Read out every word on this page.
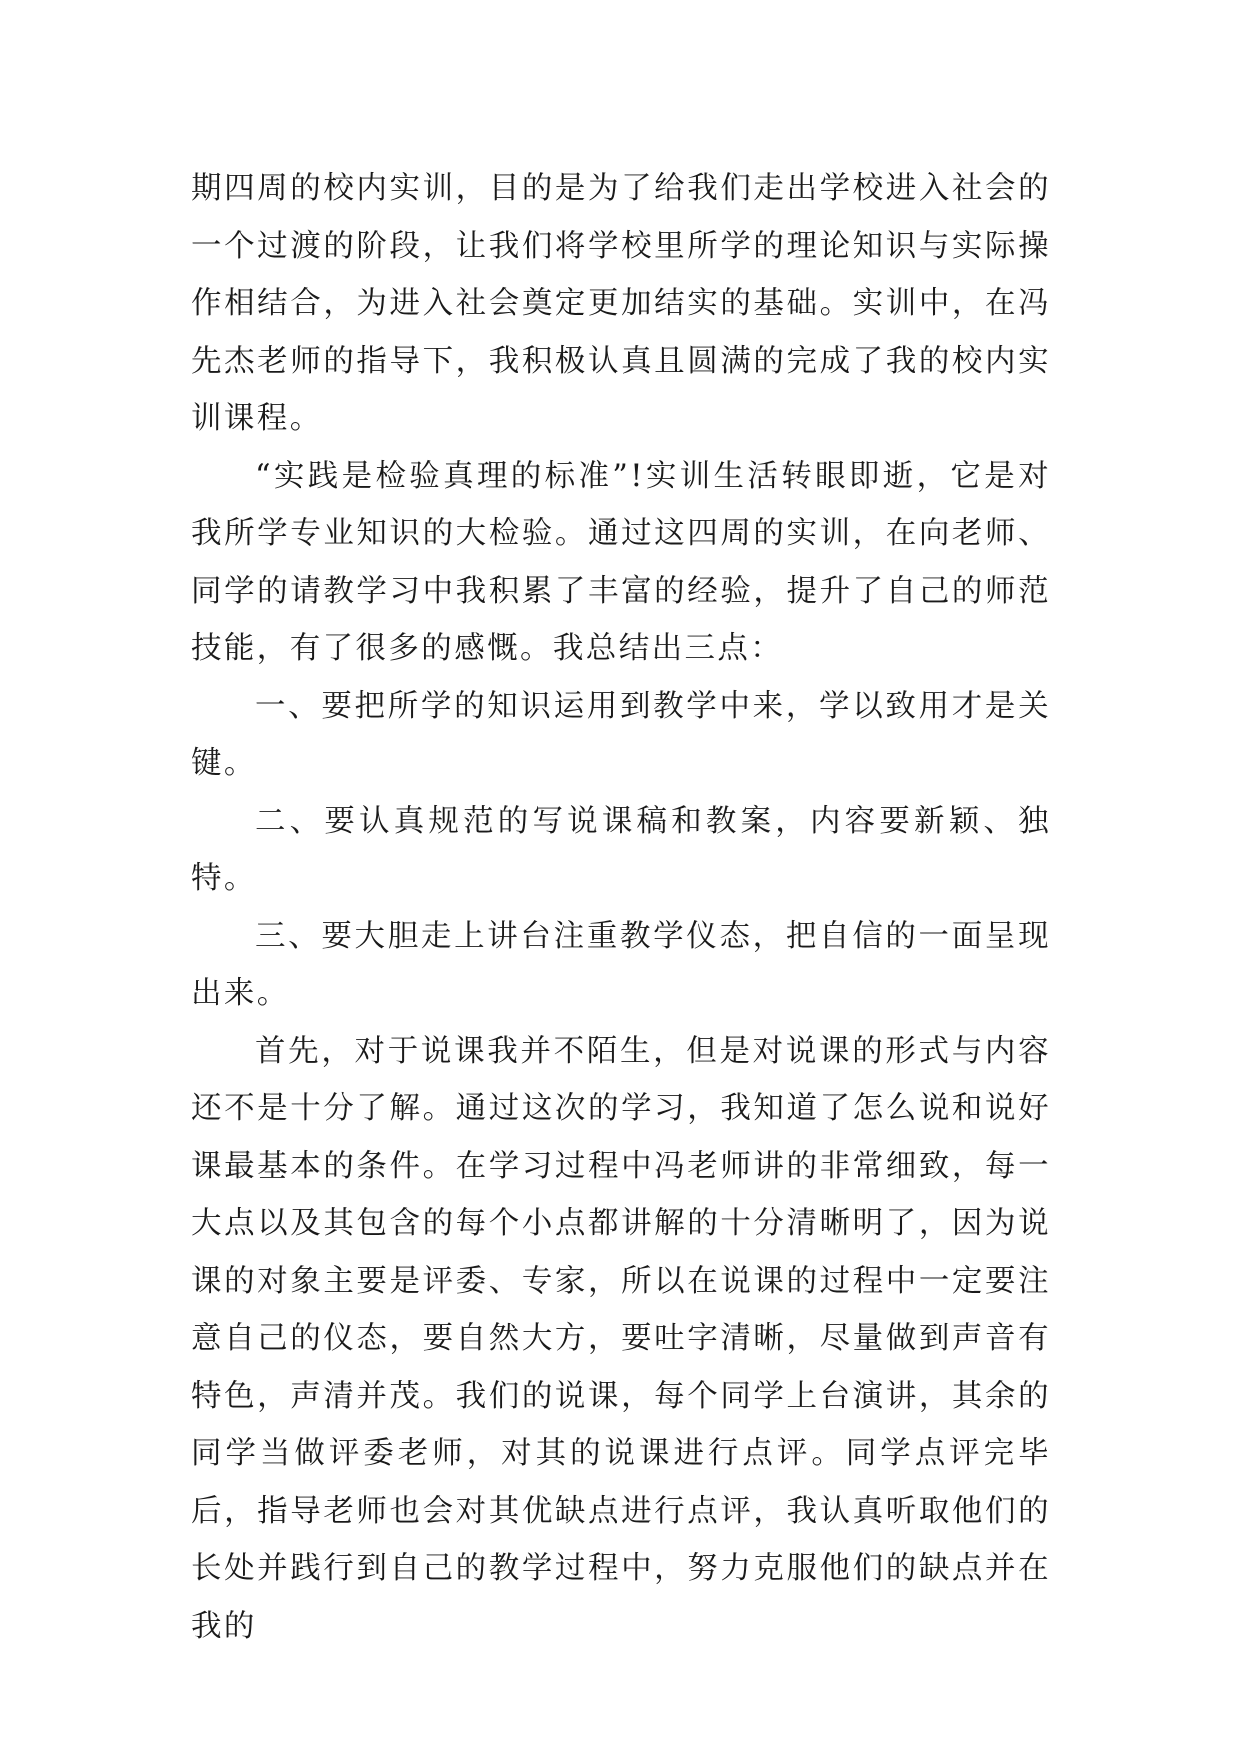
期四周的校内实训，目的是为了给我们走出学校进入社会的一个过渡的阶段，让我们将学校里所学的理论知识与实际操作相结合，为进入社会奠定更加结实的基础。实训中，在冯先杰老师的指导下，我积极认真且圆满的完成了我的校内实训课程。

“实践是检验真理的标准”!实训生活转眼即逝，它是对我所学专业知识的大检验。通过这四周的实训，在向老师、同学的请教学习中我积累了丰富的经验，提升了自己的师范技能，有了很多的感慨。我总结出三点：

一、要把所学的知识运用到教学中来，学以致用才是关键。

二、要认真规范的写说课稿和教案，内容要新颖、独特。

三、要大胆走上讲台注重教学仪态，把自信的一面呈现出来。

首先，对于说课我并不陌生，但是对说课的形式与内容还不是十分了解。通过这次的学习，我知道了怎么说和说好课最基本的条件。在学习过程中冯老师讲的非常细致，每一大点以及其包含的每个小点都讲解的十分清晰明了，因为说课的对象主要是评委、专家，所以在说课的过程中一定要注意自己的仪态，要自然大方，要吐字清晰，尽量做到声音有特色，声清并茂。我们的说课，每个同学上台演讲，其余的同学当做评委老师，对其的说课进行点评。同学点评完毕后，指导老师也会对其优缺点进行点评，我认真听取他们的长处并践行到自己的教学过程中，努力克服他们的缺点并在我的
